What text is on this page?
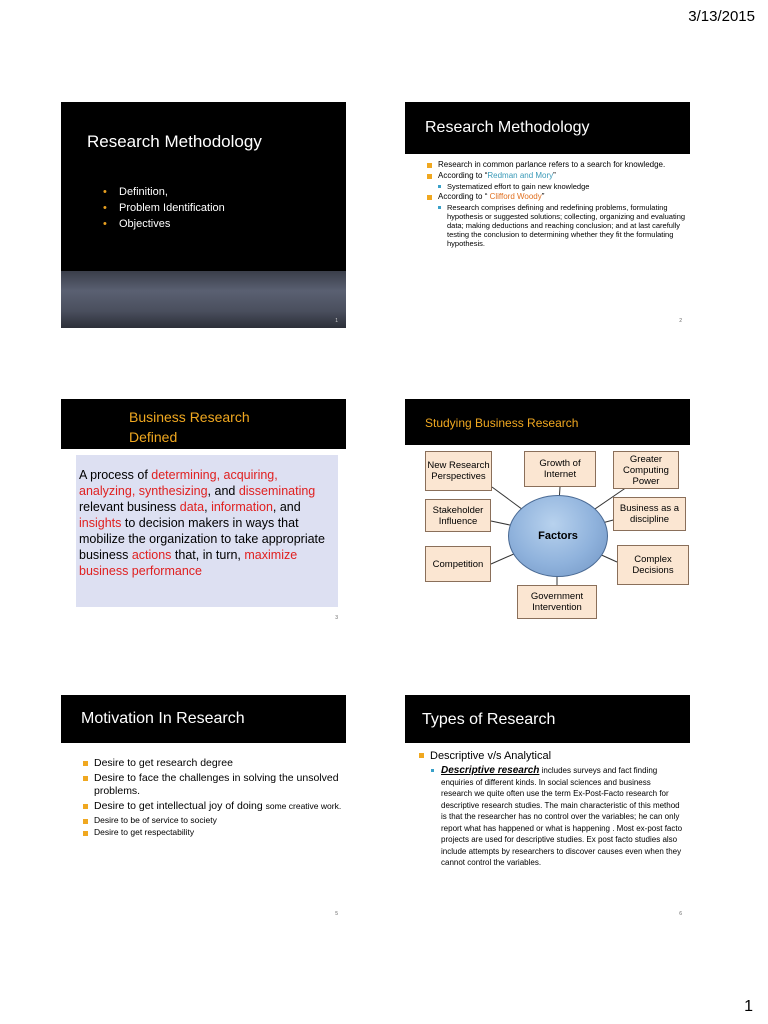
3/13/2015
Research Methodology
• Definition,
• Problem Identification
• Objectives
1
Research Methodology
Research in common parlance refers to a search for knowledge.
According to “Redman and Mory”
Systematized effort to gain new knowledge
According to “ Clifford Woody”
Research comprises defining and redefining problems, formulating hypothesis or suggested solutions; collecting, organizing and evaluating data; making deductions and reaching conclusion; and at last carefully testing the conclusion to determining whether they fit the formulating hypothesis.
2
Business Research Defined

A process of determining, acquiring, analyzing, synthesizing, and disseminating relevant business data, information, and insights to decision makers in ways that mobilize the organization to take appropriate business actions that, in turn, maximize business performance

3
Studying Business Research
New Research Perspectives
Growth of Internet
Greater Computing Power
Stakeholder Influence
Business as a discipline
Competition	Complex Decisions
Government Intervention
Factors
Motivation In Research
Desire to get research degree
Desire to face the challenges in solving the unsolved problems.
Desire to get intellectual joy of doing some creative work.
Desire to be of service to society
Desire to get respectability
5
Types of Research
Descriptive v/s Analytical
Descriptive research includes surveys and fact finding enquiries of different kinds. In social sciences and business research we quite often use the term Ex-Post-Facto research for descriptive research studies. The main characteristic of this method is that the researcher has no control over the variables; he can only report what has happened or what is happening . Most ex-post facto projects are used for descriptive studies. Ex post facto studies also include attempts by researchers to discover causes even when they cannot control the variables.
6
1
